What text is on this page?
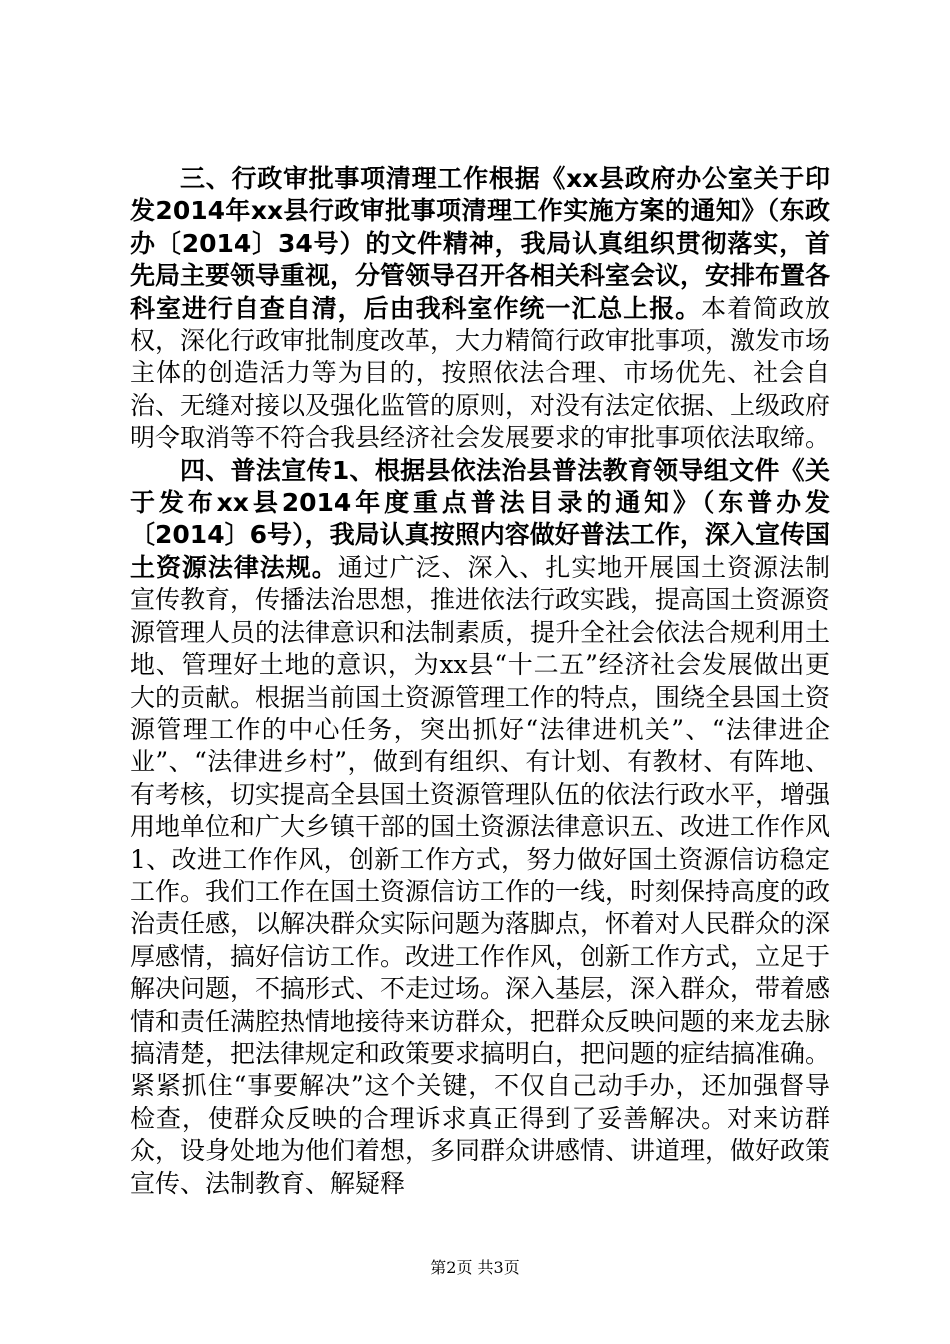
三、行政审批事项清理工作根据《xx县政府办公室关于印发2014年xx县行政审批事项清理工作实施方案的通知》（东政办〔2014〕34号）的文件精神，我局认真组织贯彻落实，首先局主要领导重视，分管领导召开各相关科室会议，安排布置各科室进行自查自清，后由我科室作统一汇总上报。本着简政放权，深化行政审批制度改革，大力精简行政审批事项，激发市场主体的创造活力等为目的，按照依法合理、市场优先、社会自治、无缝对接以及强化监管的原则，对没有法定依据、上级政府明令取消等不符合我县经济社会发展要求的审批事项依法取缔。

四、普法宣传1、根据县依法治县普法教育领导组文件《关于发布xx县2014年度重点普法目录的通知》（东普办发〔2014〕6号），我局认真按照内容做好普法工作，深入宣传国土资源法律法规。通过广泛、深入、扎实地开展国土资源法制宣传教育，传播法治思想，推进依法行政实践，提高国土资源资源管理人员的法律意识和法制素质，提升全社会依法合规利用土地、管理好土地的意识，为xx县“十二五”经济社会发展做出更大的贡献。根据当前国土资源管理工作的特点，围绕全县国土资源管理工作的中心任务，突出抓好“法律进机关”、“法律进企业”、“法律进乡村”，做到有组织、有计划、有教材、有阵地、有考核，切实提高全县国土资源管理队伍的依法行政水平，增强用地单位和广大乡镇干部的国土资源法律意识五、改进工作作风1、改进工作作风，创新工作方式，努力做好国土资源信访稳定工作。我们工作在国土资源信访工作的一线，时刻保持高度的政治责任感，以解决群众实际问题为落脚点，怀着对人民群众的深厚感情，搞好信访工作。改进工作作风，创新工作方式，立足于解决问题，不搞形式、不走过场。深入基层，深入群众，带着感情和责任满腔热情地接待来访群众，把群众反映问题的来龙去脉搞清楚，把法律规定和政策要求搞明白，把问题的症结搞准确。紧紧抓住“事要解决”这个关键，不仅自己动手办，还加强督导检查，使群众反映的合理诉求真正得到了妥善解决。对来访群众，设身处地为他们着想，多同群众讲感情、讲道理，做好政策宣传、法制教育、解疑释

第2页 共3页
